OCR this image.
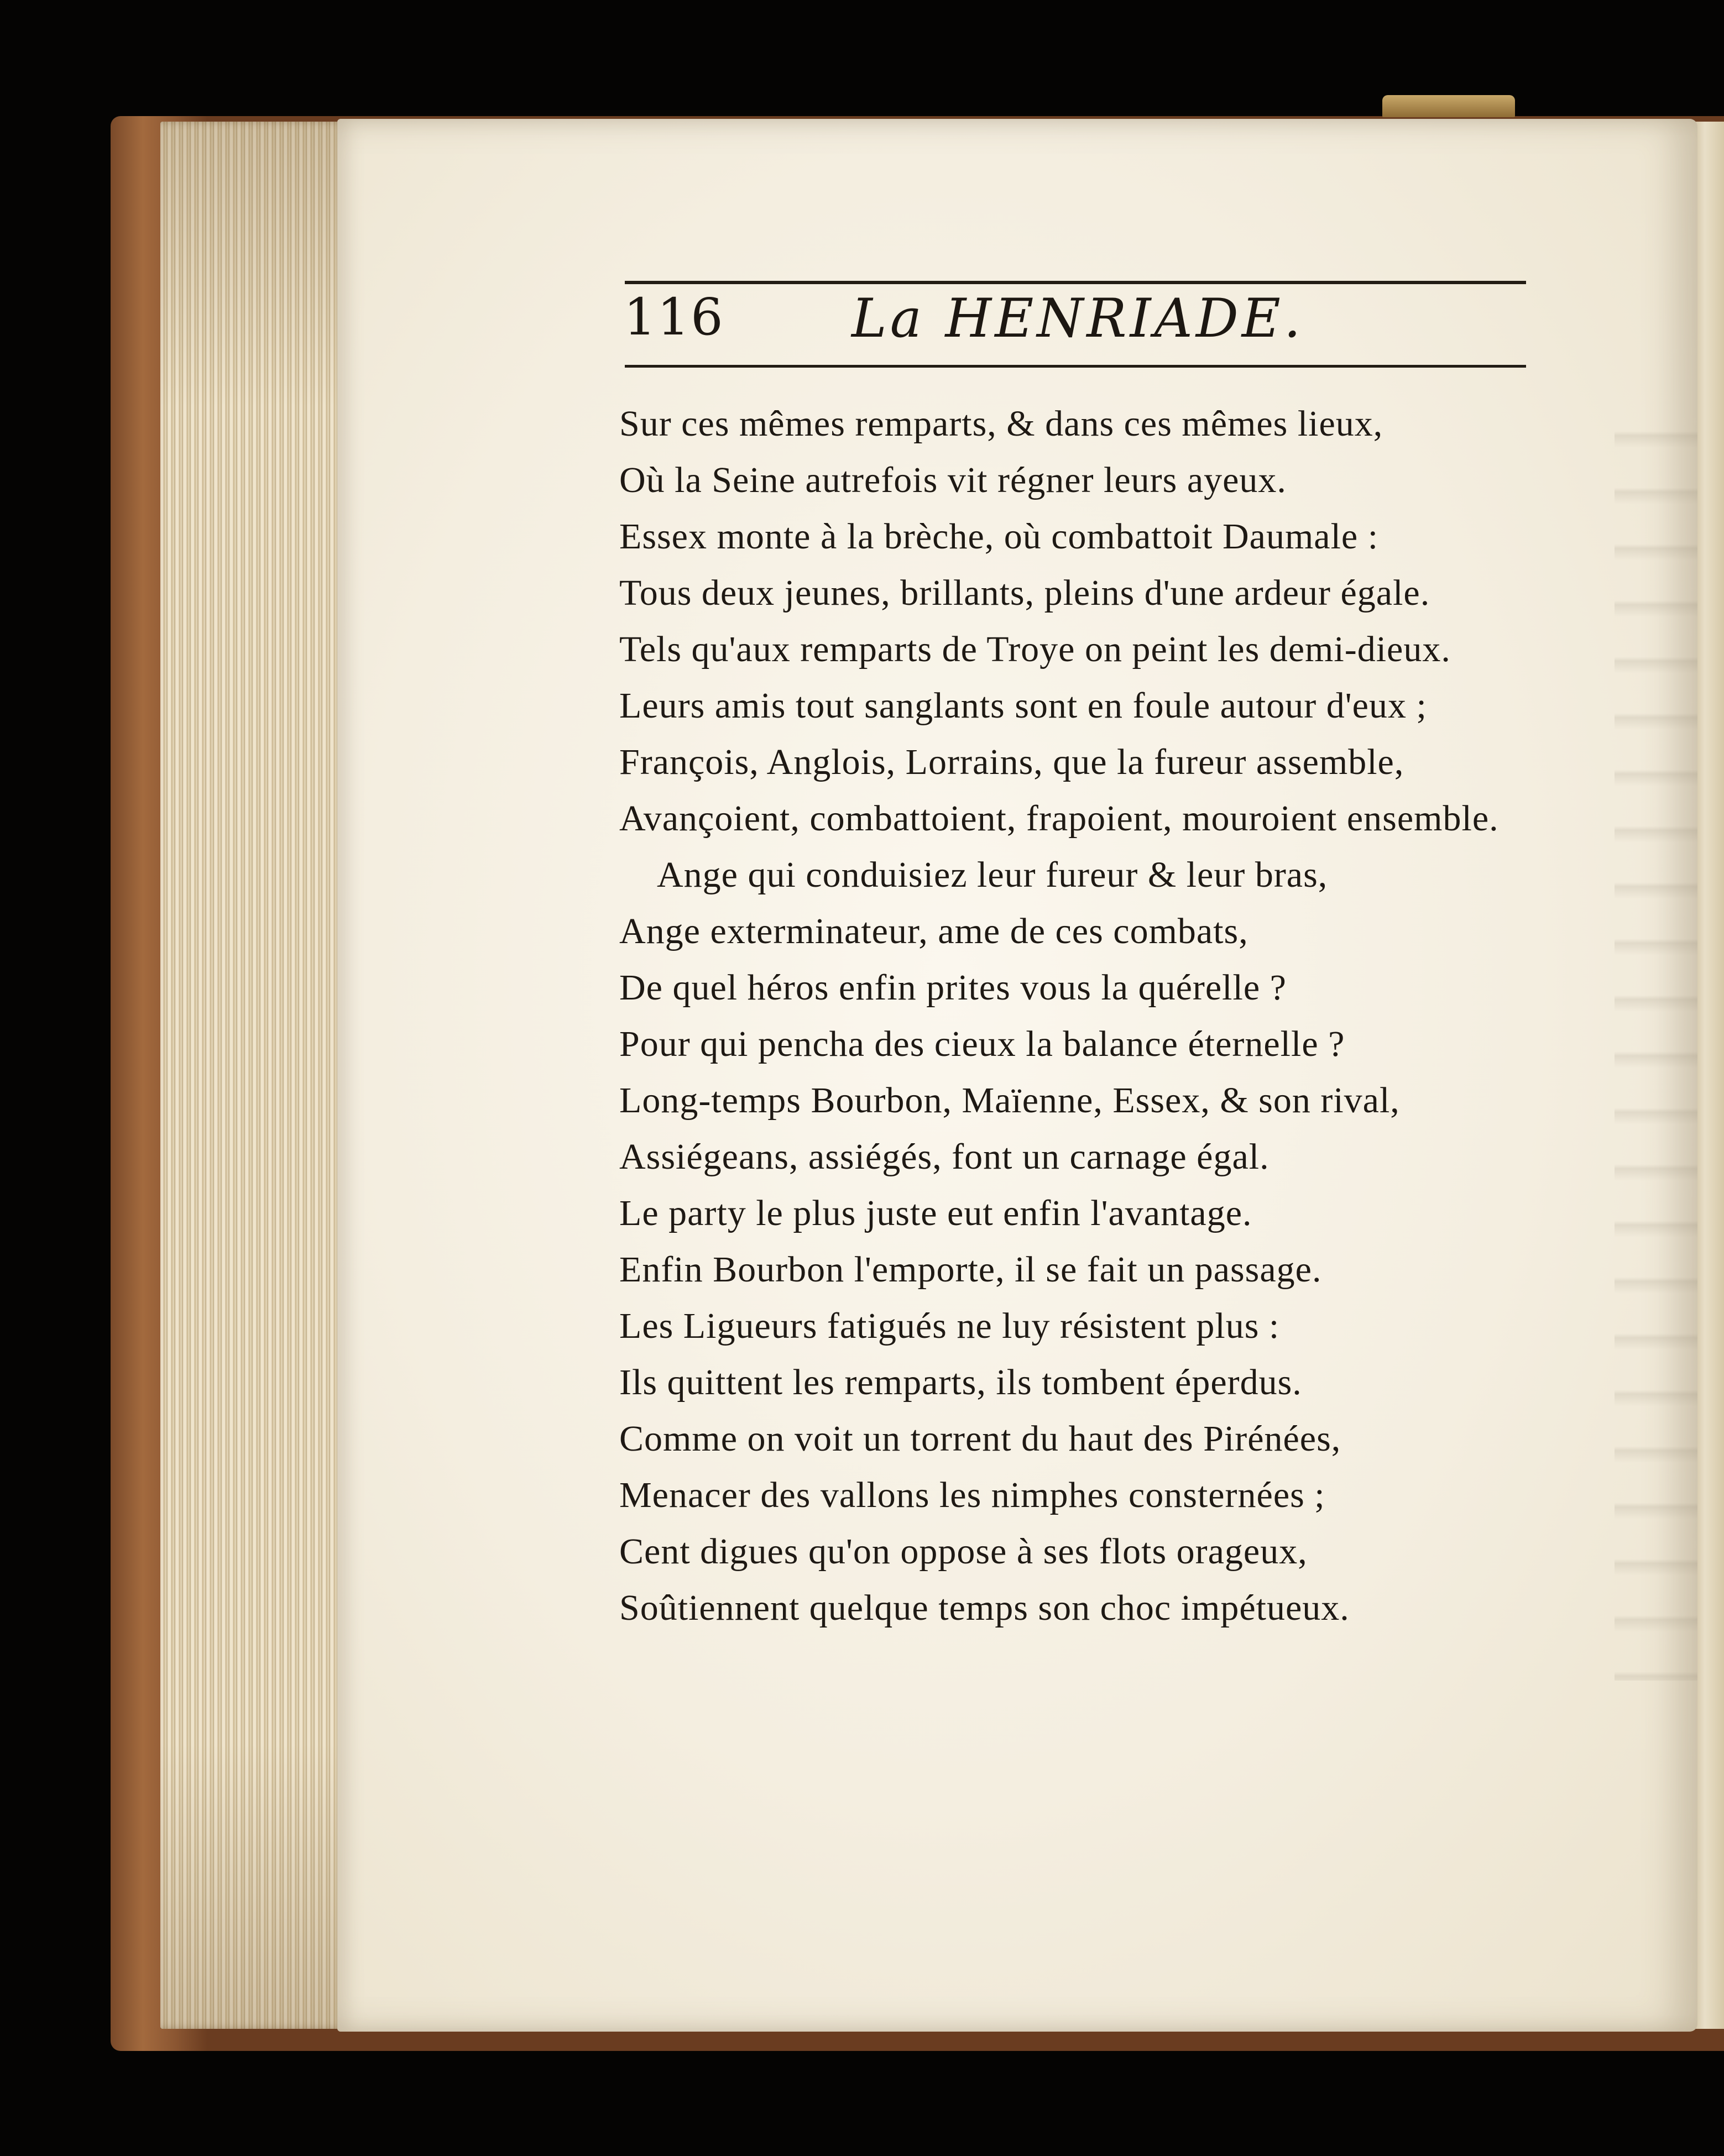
116 La HENRIADE.
Sur ces mêmes remparts, & dans ces mêmes lieux,
Où la Seine autrefois vit régner leurs ayeux.
Essex monte à la brèche, où combattoit Daumale :
Tous deux jeunes, brillants, pleins d'une ardeur égale.
Tels qu'aux remparts de Troye on peint les demi-dieux.
Leurs amis tout sanglants sont en foule autour d'eux ;
François, Anglois, Lorrains, que la fureur assemble,
Avançoient, combattoient, frapoient, mouroient ensemble.
Ange qui conduisiez leur fureur & leur bras,
Ange exterminateur, ame de ces combats,
De quel héros enfin prites vous la quérelle ?
Pour qui pencha des cieux la balance éternelle ?
Long-temps Bourbon, Maïenne, Essex, & son rival,
Assiégeans, assiégés, font un carnage égal.
Le party le plus juste eut enfin l'avantage.
Enfin Bourbon l'emporte, il se fait un passage.
Les Ligueurs fatigués ne luy résistent plus :
Ils quittent les remparts, ils tombent éperdus.
Comme on voit un torrent du haut des Pirénées,
Menacer des vallons les nimphes consternées ;
Cent digues qu'on oppose à ses flots orageux,
Soûtiennent quelque temps son choc impétueux.
